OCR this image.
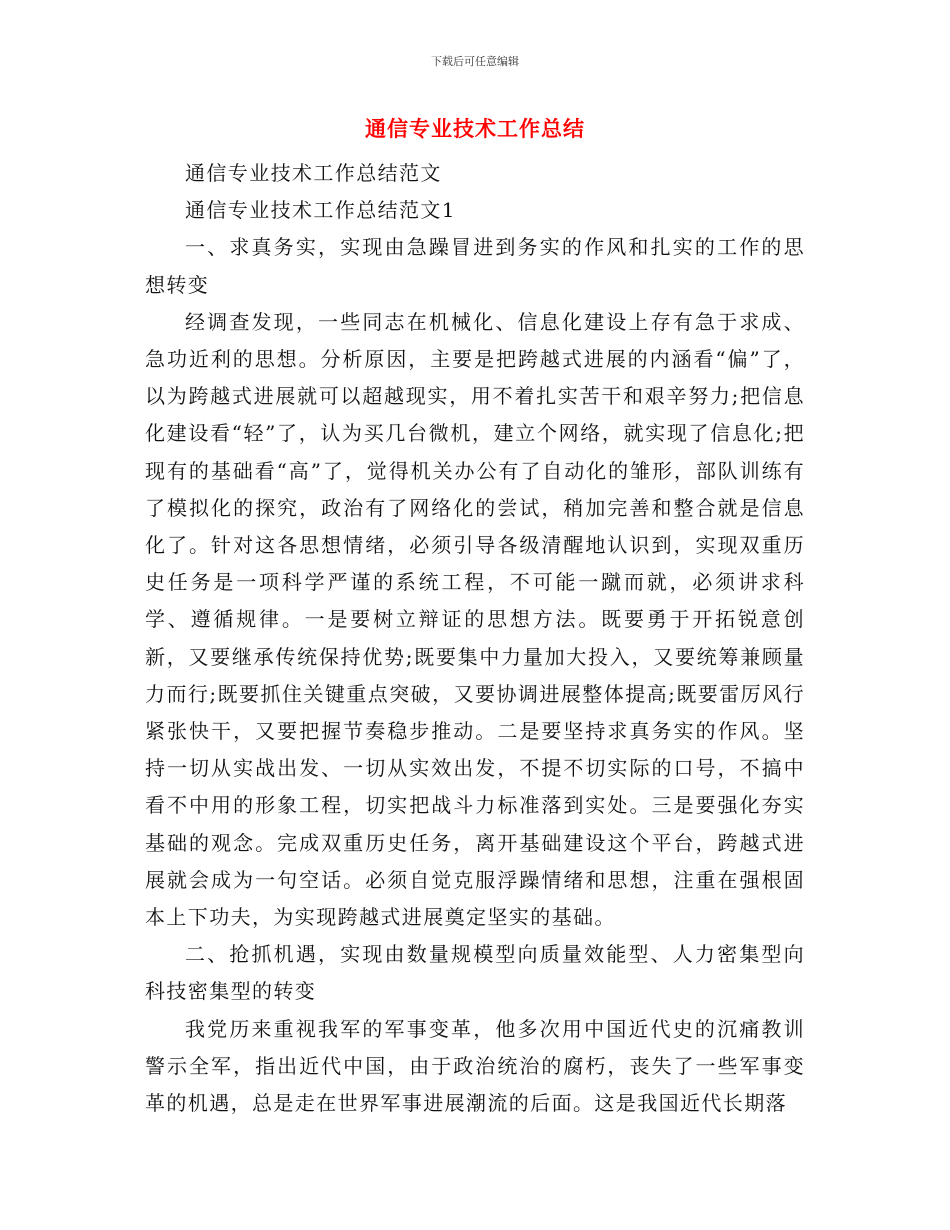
下载后可任意编辑
通信专业技术工作总结

通信专业技术工作总结范文

通信专业技术工作总结范文1

一、求真务实，实现由急躁冒进到务实的作风和扎实的工作的思想转变

经调查发现，一些同志在机械化、信息化建设上存有急于求成、急功近利的思想。分析原因，主要是把跨越式进展的内涵看“偏”了，以为跨越式进展就可以超越现实，用不着扎实苦干和艰辛努力;把信息化建设看“轻”了，认为买几台微机，建立个网络，就实现了信息化;把现有的基础看“高”了，觉得机关办公有了自动化的雏形，部队训练有了模拟化的探究，政治有了网络化的尝试，稍加完善和整合就是信息化了。针对这各思想情绪，必须引导各级清醒地认识到，实现双重历史任务是一项科学严谨的系统工程，不可能一蹴而就，必须讲求科学、遵循规律。一是要树立辩证的思想方法。既要勇于开拓锐意创新，又要继承传统保持优势;既要集中力量加大投入，又要统筹兼顾量力而行;既要抓住关键重点突破，又要协调进展整体提高;既要雷厉风行紧张快干，又要把握节奏稳步推动。二是要坚持求真务实的作风。坚持一切从实战出发、一切从实效出发，不提不切实际的口号，不搞中看不中用的形象工程，切实把战斗力标准落到实处。三是要强化夯实基础的观念。完成双重历史任务，离开基础建设这个平台，跨越式进展就会成为一句空话。必须自觉克服浮躁情绪和思想，注重在强根固本上下功夫，为实现跨越式进展奠定坚实的基础。

二、抢抓机遇，实现由数量规模型向质量效能型、人力密集型向科技密集型的转变

我党历来重视我军的军事变革，他多次用中国近代史的沉痛教训警示全军，指出近代中国，由于政治统治的腐朽，丧失了一些军事变革的机遇，总是走在世界军事进展潮流的后面。这是我国近代长期落
